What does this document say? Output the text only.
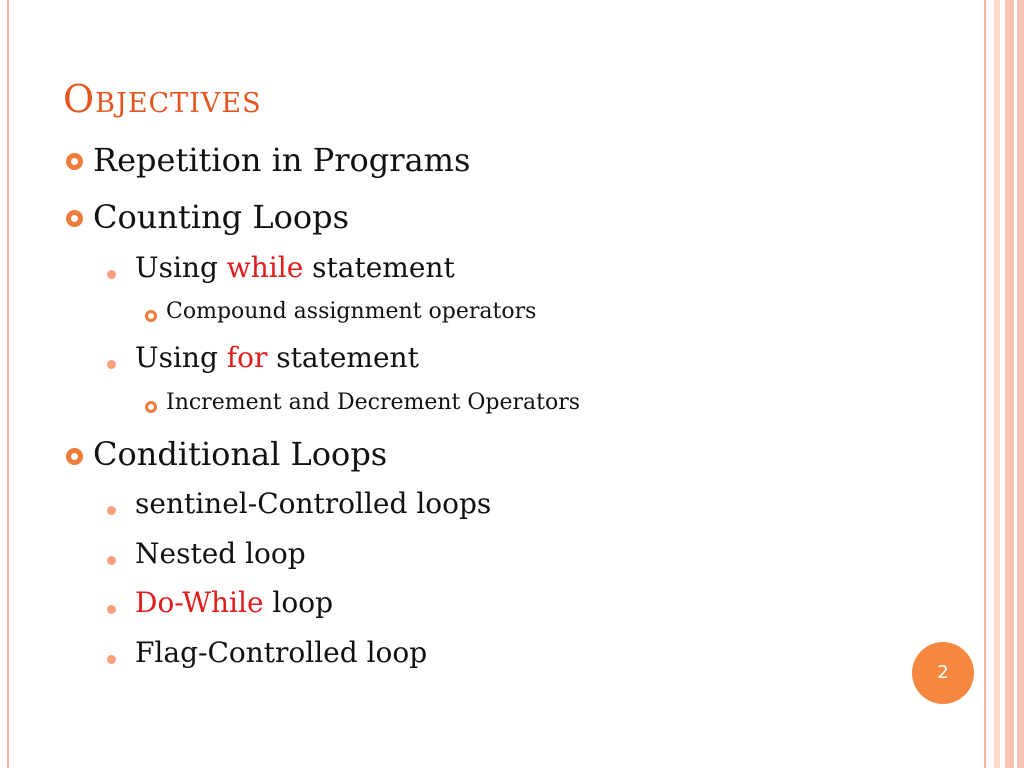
Objectives
Repetition in Programs
Counting Loops
Using while statement
Compound assignment operators
Using for statement
Increment and Decrement Operators
Conditional Loops
sentinel-Controlled loops
Nested loop
Do-While loop
Flag-Controlled loop
2
